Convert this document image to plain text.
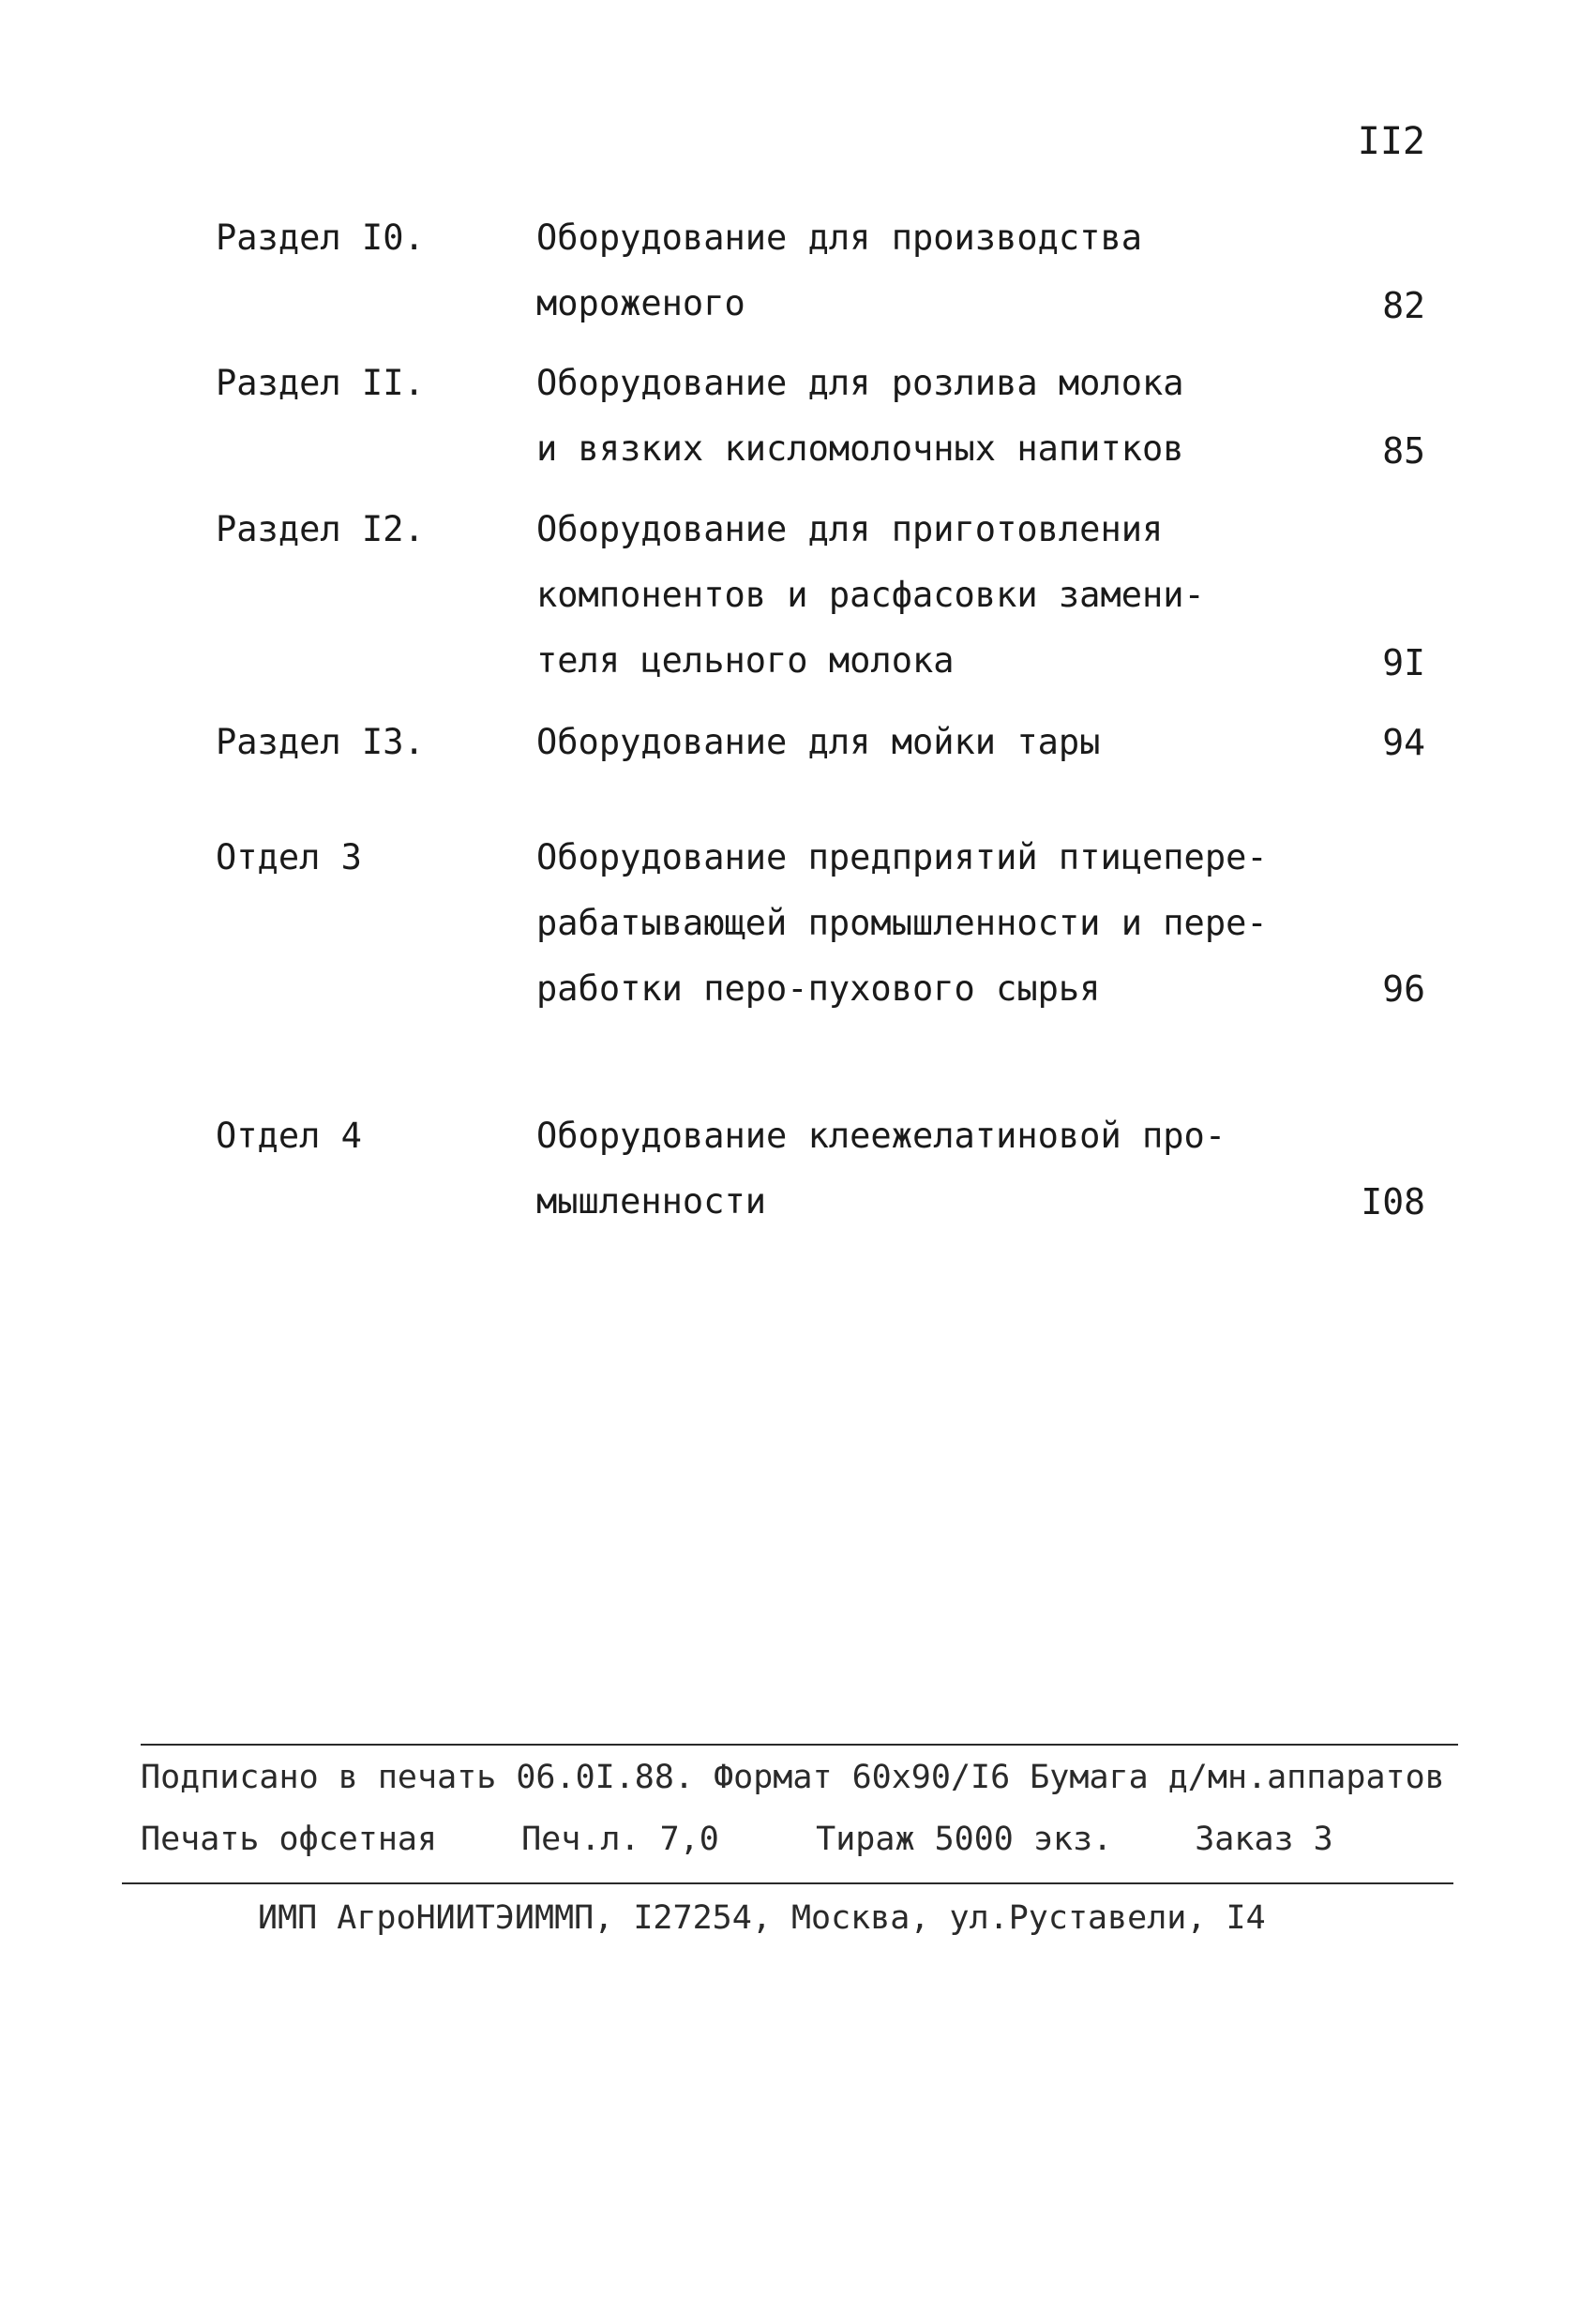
II2
Раздел I0.	Оборудование для производства
мороженого	82
Раздел II.	Оборудование для розлива молока
и вязких кисломолочных напитков	85
Раздел I2.	Оборудование для приготовления
компонентов и расфасовки замени-
теля цельного молока	9I
Раздел I3.	Оборудование для мойки тары	94
Отдел 3	Оборудование предприятий птицепере-
рабатывающей промышленности и пере-
работки перо-пухового сырья	96
Отдел 4	Оборудование клеежелатиновой про-
мышленности	I08
Подписано в печать 06.0I.88. Формат 60х90/I6 Бумага д/мн.аппаратов
Печать офсетная	Печ.л. 7,0	Тираж 5000 экз.	Заказ 3
ИМП АгроНИИТЭИММП, I27254, Москва, ул.Руставели, I4
